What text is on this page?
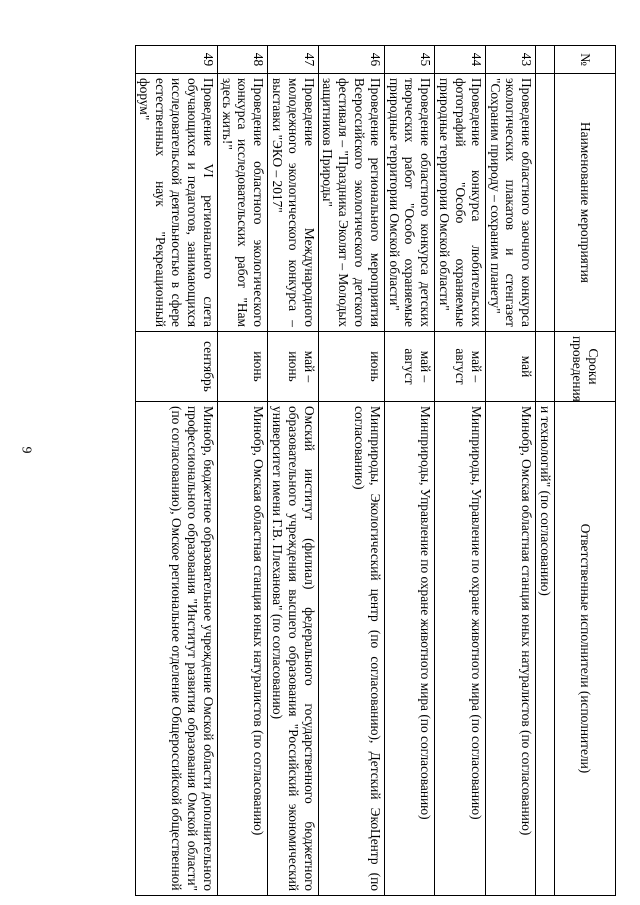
9
№	Наименование мероприятия	Сроки проведения	Ответственные исполнители (исполнители)
			и технологий" (по согласованию)
43	Проведение областного заочного конкурса экологических плакатов и стенгазет "Сохраним природу – сохраним планету"	май	Минобр, Омская областная станция юных натуралистов (по согласованию)
44	Проведение конкурса любительских фотографий "Особо охраняемые природные территории Омской области"	май – август	Минприроды, Управление по охране животного мира (по согласованию)
45	Проведение областного конкурса детских творческих работ "Особо охраняемые природные территории Омской области"	май – август	Минприроды, Управление по охране животного мира (по согласованию)
46	Проведение регионального мероприятия Всероссийского экологического детского фестиваля – "Праздника Эколят – Молодых защитников Природы"	июнь	Минприроды, Экологический центр (по согласованию), Детский ЭкоЦентр (по согласованию)
47	Проведение Международного молодежного экологического конкурса – выставки "ЭКО – 2017"	май – июнь	Омский институт (филиал) федерального государственного бюджетного образовательного учреждения высшего образования "Российский экономический университет имени Г.В. Плеханова" (по согласованию)
48	Проведение областного экологического конкурса исследовательских работ "Нам здесь жить!"	июнь	Минобр, Омская областная станция юных натуралистов (по согласованию)
49	Проведение VI регионального слета обучающихся и педагогов, занимающихся исследовательской деятельностью в сфере естественных наук "Рекреационный форум"	сентябрь	Минобр, бюджетное образовательное учреждение Омской области дополнительного профессионального образования "Институт развития образования Омской области" (по согласованию), Омское региональное отделение Общероссийской общественной
